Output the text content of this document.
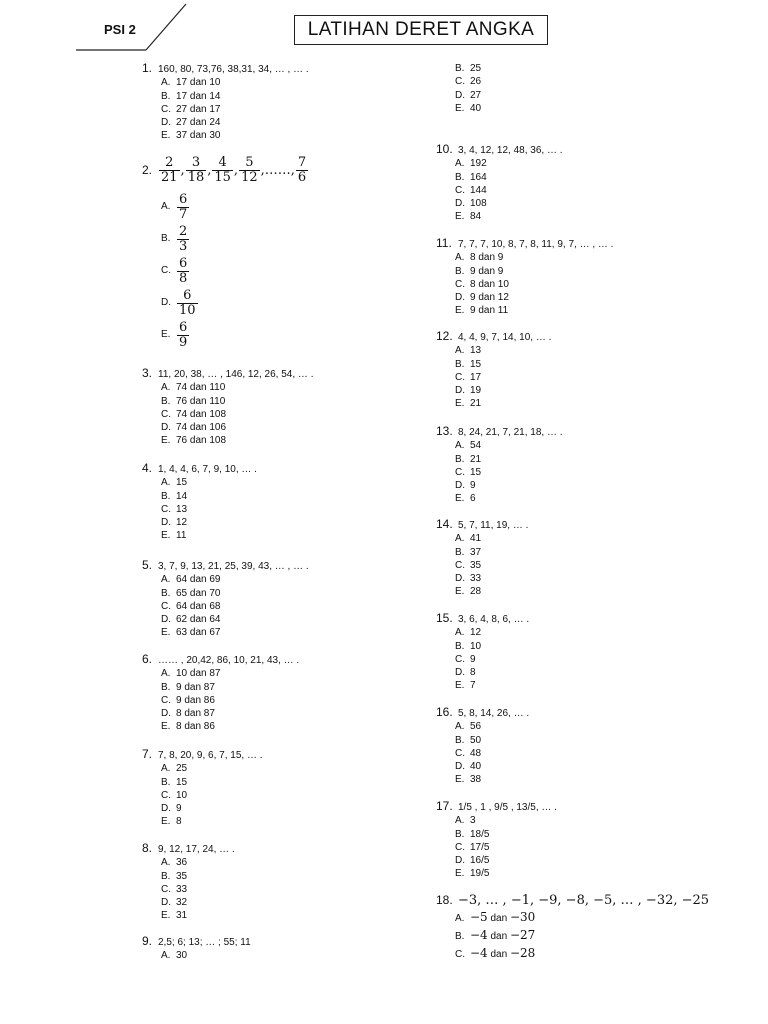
PSI 2	LATIHAN DERET ANGKA
1. 160, 80, 73,76, 38,31, 34, … , … .
A. 17 dan 10
B. 17 dan 14
C. 27 dan 17
D. 27 dan 24
E. 37 dan 30
2. $\frac{2}{21}$ , $\frac{3}{18}$ , $\frac{4}{15}$ , $\frac{5}{12}$ , …… , $\frac{7}{6}$
A. $\frac{6}{7}$
B. $\frac{2}{3}$
C. $\frac{6}{8}$
D. $\frac{6}{10}$
E. $\frac{6}{9}$
3. 11, 20, 38, … , 146, 12, 26, 54, … .
A. 74 dan 110
B. 76 dan 110
C. 74 dan 108
D. 74 dan 106
E. 76 dan 108
4. 1, 4, 4, 6, 7, 9, 10, … .
A. 15
B. 14
C. 13
D. 12
E. 11
5. 3, 7, 9, 13, 21, 25, 39, 43, … , … .
A. 64 dan 69
B. 65 dan 70
C. 64 dan 68
D. 62 dan 64
E. 63 dan 67
6. …… , 20,42, 86, 10, 21, 43, … .
A. 10 dan 87
B. 9 dan 87
C. 9 dan 86
D. 8 dan 87
E. 8 dan 86
7. 7, 8, 20, 9, 6, 7, 15, … .
A. 25
B. 15
C. 10
D. 9
E. 8
8. 9, 12, 17, 24, … .
A. 36
B. 35
C. 33
D. 32
E. 31
9. 2,5; 6; 13; … ; 55; 11
A. 30
B. 25
C. 26
D. 27
E. 40
10. 3, 4, 12, 12, 48, 36, … .
A. 192
B. 164
C. 144
D. 108
E. 84
11. 7, 7, 7, 10, 8, 7, 8, 11, 9, 7, … , … .
A. 8 dan 9
B. 9 dan 9
C. 8 dan 10
D. 9 dan 12
E. 9 dan 11
12. 4, 4, 9, 7, 14, 10, … .
A. 13
B. 15
C. 17
D. 19
E. 21
13. 8, 24, 21, 7, 21, 18, … .
A. 54
B. 21
C. 15
D. 9
E. 6
14. 5, 7, 11, 19, … .
A. 41
B. 37
C. 35
D. 33
E. 28
15. 3, 6, 4, 8, 6, … .
A. 12
B. 10
C. 9
D. 8
E. 7
16. 5, 8, 14, 26, … .
A. 56
B. 50
C. 48
D. 40
E. 38
17. 1/5 , 1 , 9/5 , 13/5, … .
A. 3
B. 18/5
C. 17/5
D. 16/5
E. 19/5
18. −3, … , −1, −9, −8, −5, … , −32, −25
A. −5 dan −30
B. −4 dan −27
C. −4 dan −28
